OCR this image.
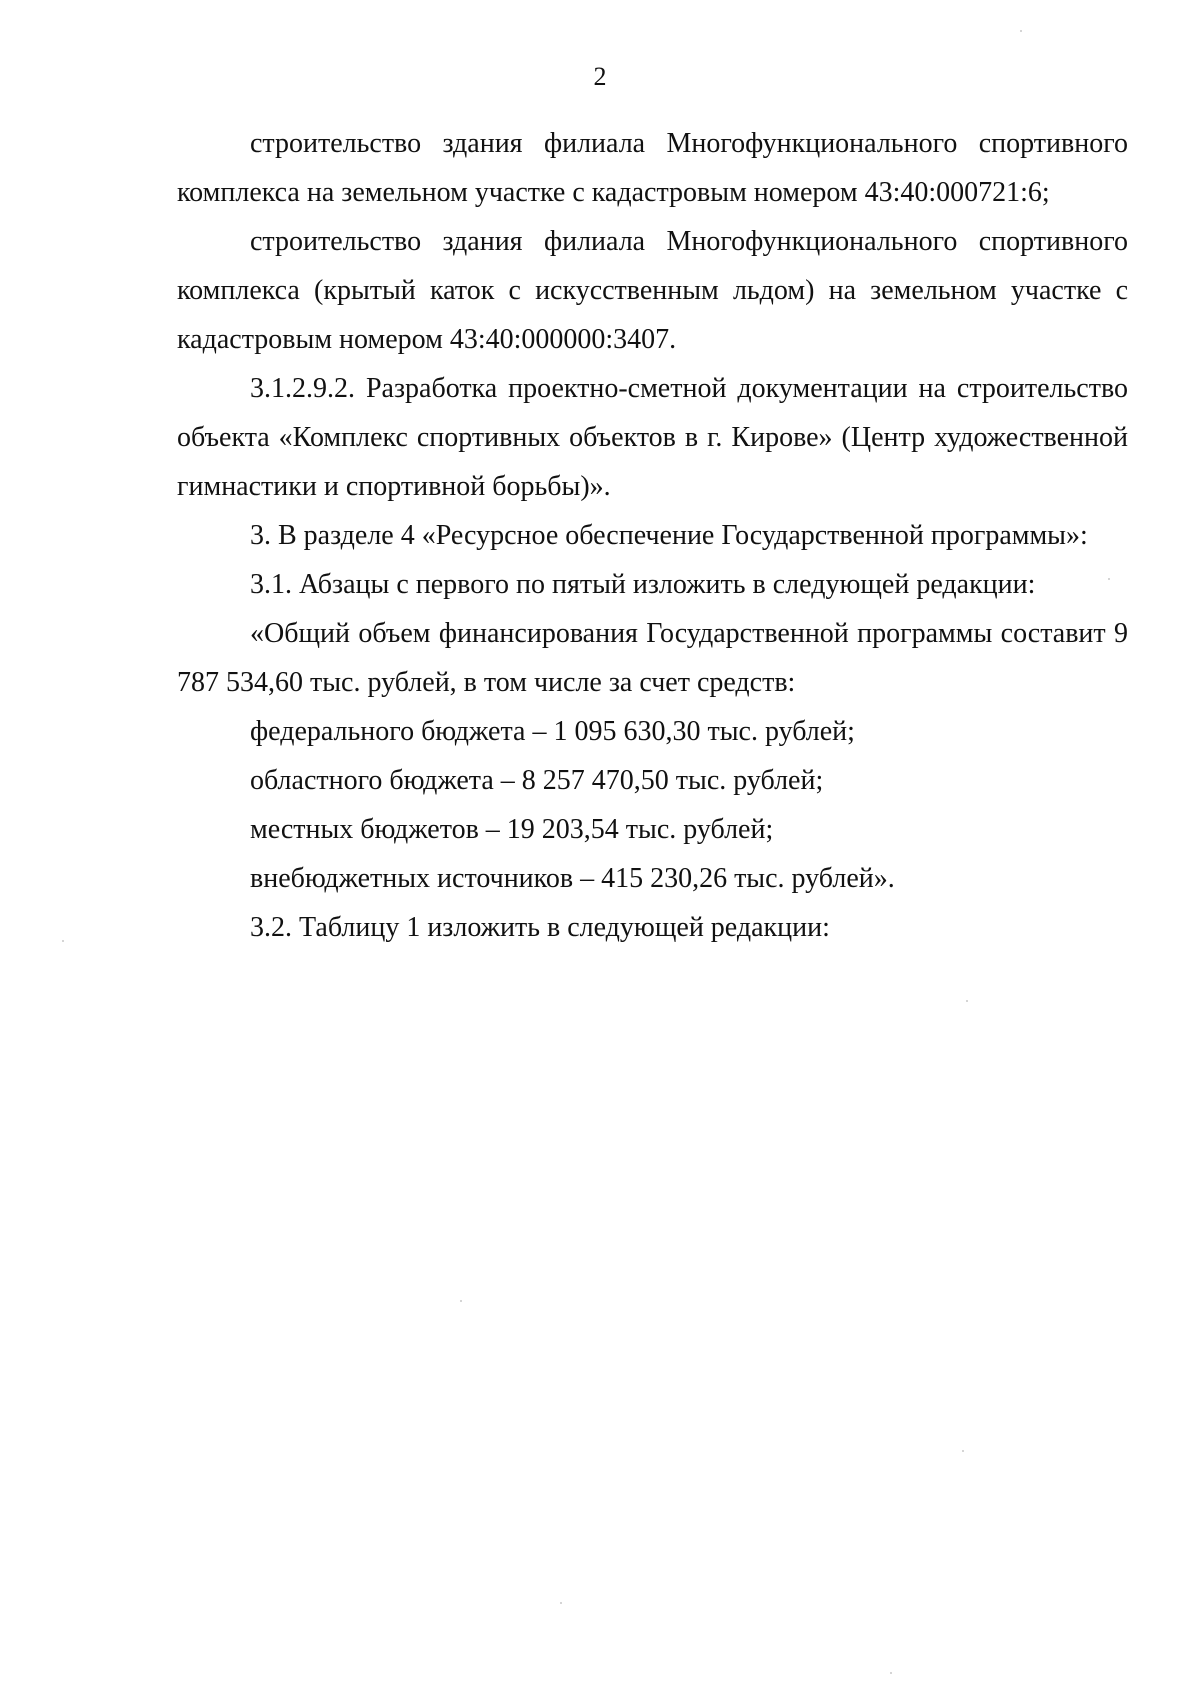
2

строительство здания филиала Многофункционального спортивного комплекса на земельном участке с кадастровым номером 43:40:000721:6;

строительство здания филиала Многофункционального спортивного комплекса (крытый каток с искусственным льдом) на земельном участке с кадастровым номером 43:40:000000:3407.

3.1.2.9.2. Разработка проектно-сметной документации на строительство объекта «Комплекс спортивных объектов в г. Кирове» (Центр художественной гимнастики и спортивной борьбы)».

3. В разделе 4 «Ресурсное обеспечение Государственной программы»:

3.1. Абзацы с первого по пятый изложить в следующей редакции:

«Общий объем финансирования Государственной программы составит 9 787 534,60 тыс. рублей, в том числе за счет средств:

федерального бюджета – 1 095 630,30 тыс. рублей;

областного бюджета – 8 257 470,50 тыс. рублей;

местных бюджетов – 19 203,54 тыс. рублей;

внебюджетных источников – 415 230,26 тыс. рублей».

3.2. Таблицу 1 изложить в следующей редакции:
